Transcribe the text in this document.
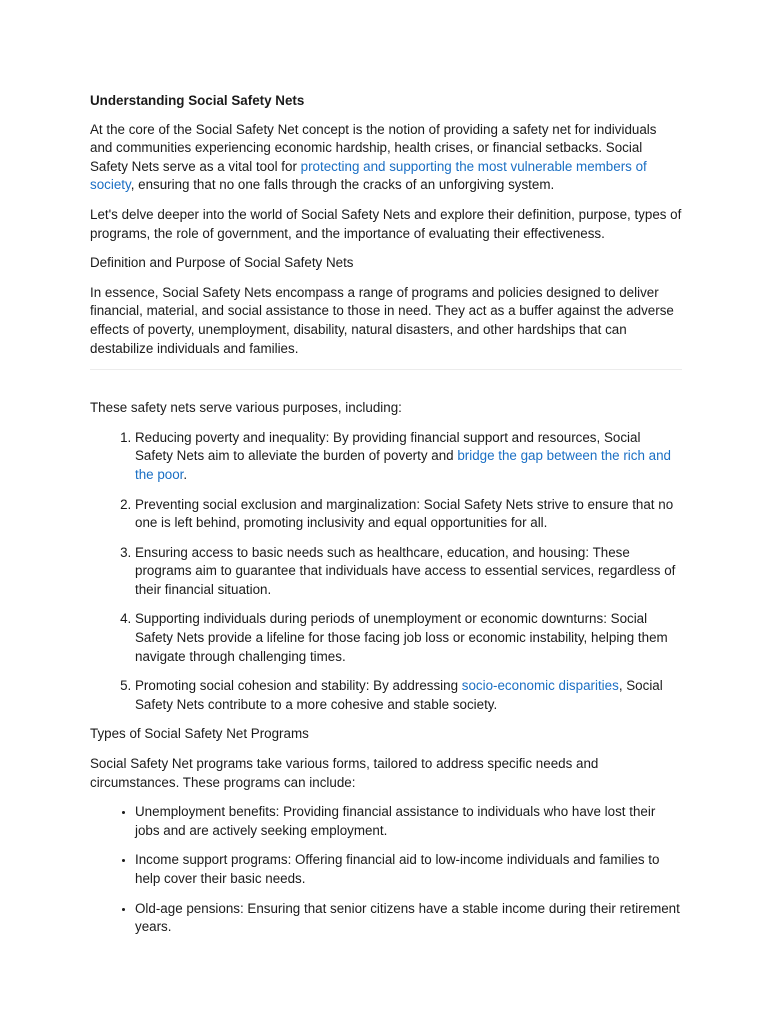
Understanding Social Safety Nets

At the core of the Social Safety Net concept is the notion of providing a safety net for individuals and communities experiencing economic hardship, health crises, or financial setbacks. Social Safety Nets serve as a vital tool for protecting and supporting the most vulnerable members of society, ensuring that no one falls through the cracks of an unforgiving system.

Let's delve deeper into the world of Social Safety Nets and explore their definition, purpose, types of programs, the role of government, and the importance of evaluating their effectiveness.

Definition and Purpose of Social Safety Nets

In essence, Social Safety Nets encompass a range of programs and policies designed to deliver financial, material, and social assistance to those in need. They act as a buffer against the adverse effects of poverty, unemployment, disability, natural disasters, and other hardships that can destabilize individuals and families.

These safety nets serve various purposes, including:

1. Reducing poverty and inequality: By providing financial support and resources, Social Safety Nets aim to alleviate the burden of poverty and bridge the gap between the rich and the poor.
2. Preventing social exclusion and marginalization: Social Safety Nets strive to ensure that no one is left behind, promoting inclusivity and equal opportunities for all.
3. Ensuring access to basic needs such as healthcare, education, and housing: These programs aim to guarantee that individuals have access to essential services, regardless of their financial situation.
4. Supporting individuals during periods of unemployment or economic downturns: Social Safety Nets provide a lifeline for those facing job loss or economic instability, helping them navigate through challenging times.
5. Promoting social cohesion and stability: By addressing socio-economic disparities, Social Safety Nets contribute to a more cohesive and stable society.
Types of Social Safety Net Programs

Social Safety Net programs take various forms, tailored to address specific needs and circumstances. These programs can include:

• Unemployment benefits: Providing financial assistance to individuals who have lost their jobs and are actively seeking employment.
• Income support programs: Offering financial aid to low-income individuals and families to help cover their basic needs.
• Old-age pensions: Ensuring that senior citizens have a stable income during their retirement years.
